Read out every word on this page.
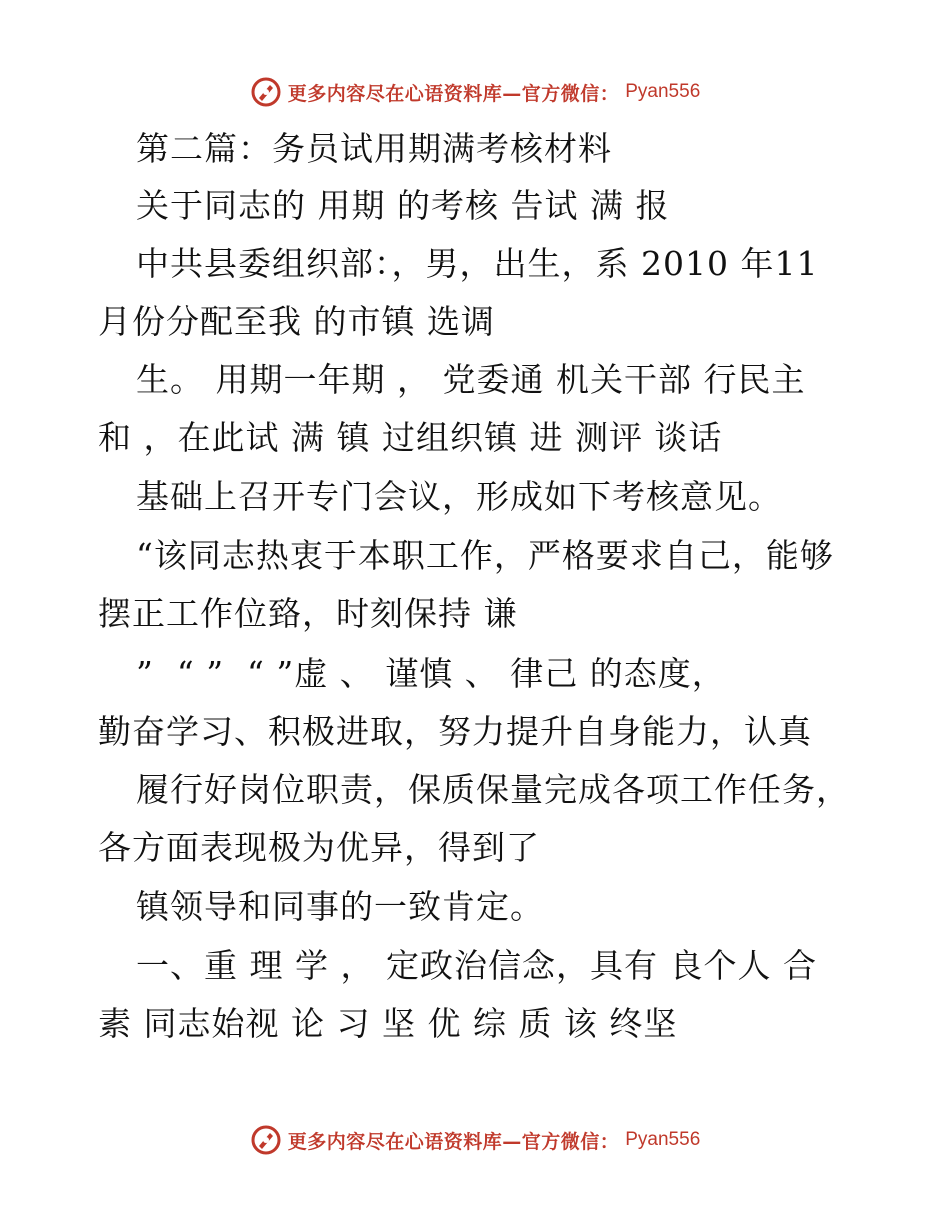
更多内容尽在心语资料库—官方微信： Pyan556
第二篇：务员试用期满考核材料
关于同志的 用期 的考核 告试 满 报
中共县委组织部：，男，出生，系 2010 年11
月份分配至我 的市镇 选调
生。 用期一年期 ， 党委通 机关干部 行民主
和 ，在此试 满 镇 过组织镇 进 测评 谈话
基础上召开专门会议，形成如下考核意见。
“该同志热衷于本职工作，严格要求自己，能够
摆正工作位臵，时刻保持 谦
”  “ ”  “ ”虚 、 谨慎 、 律己 的态度，
勤奋学习、积极进取，努力提升自身能力，认真
履行好岗位职责，保质保量完成各项工作任务，
各方面表现极为优异，得到了
镇领导和同事的一致肯定。
一、重 理 学 ， 定政治信念，具有 良个人 合
素 同志始视 论 习 坚 优 综 质 该 终坚
更多内容尽在心语资料库—官方微信： Pyan556
